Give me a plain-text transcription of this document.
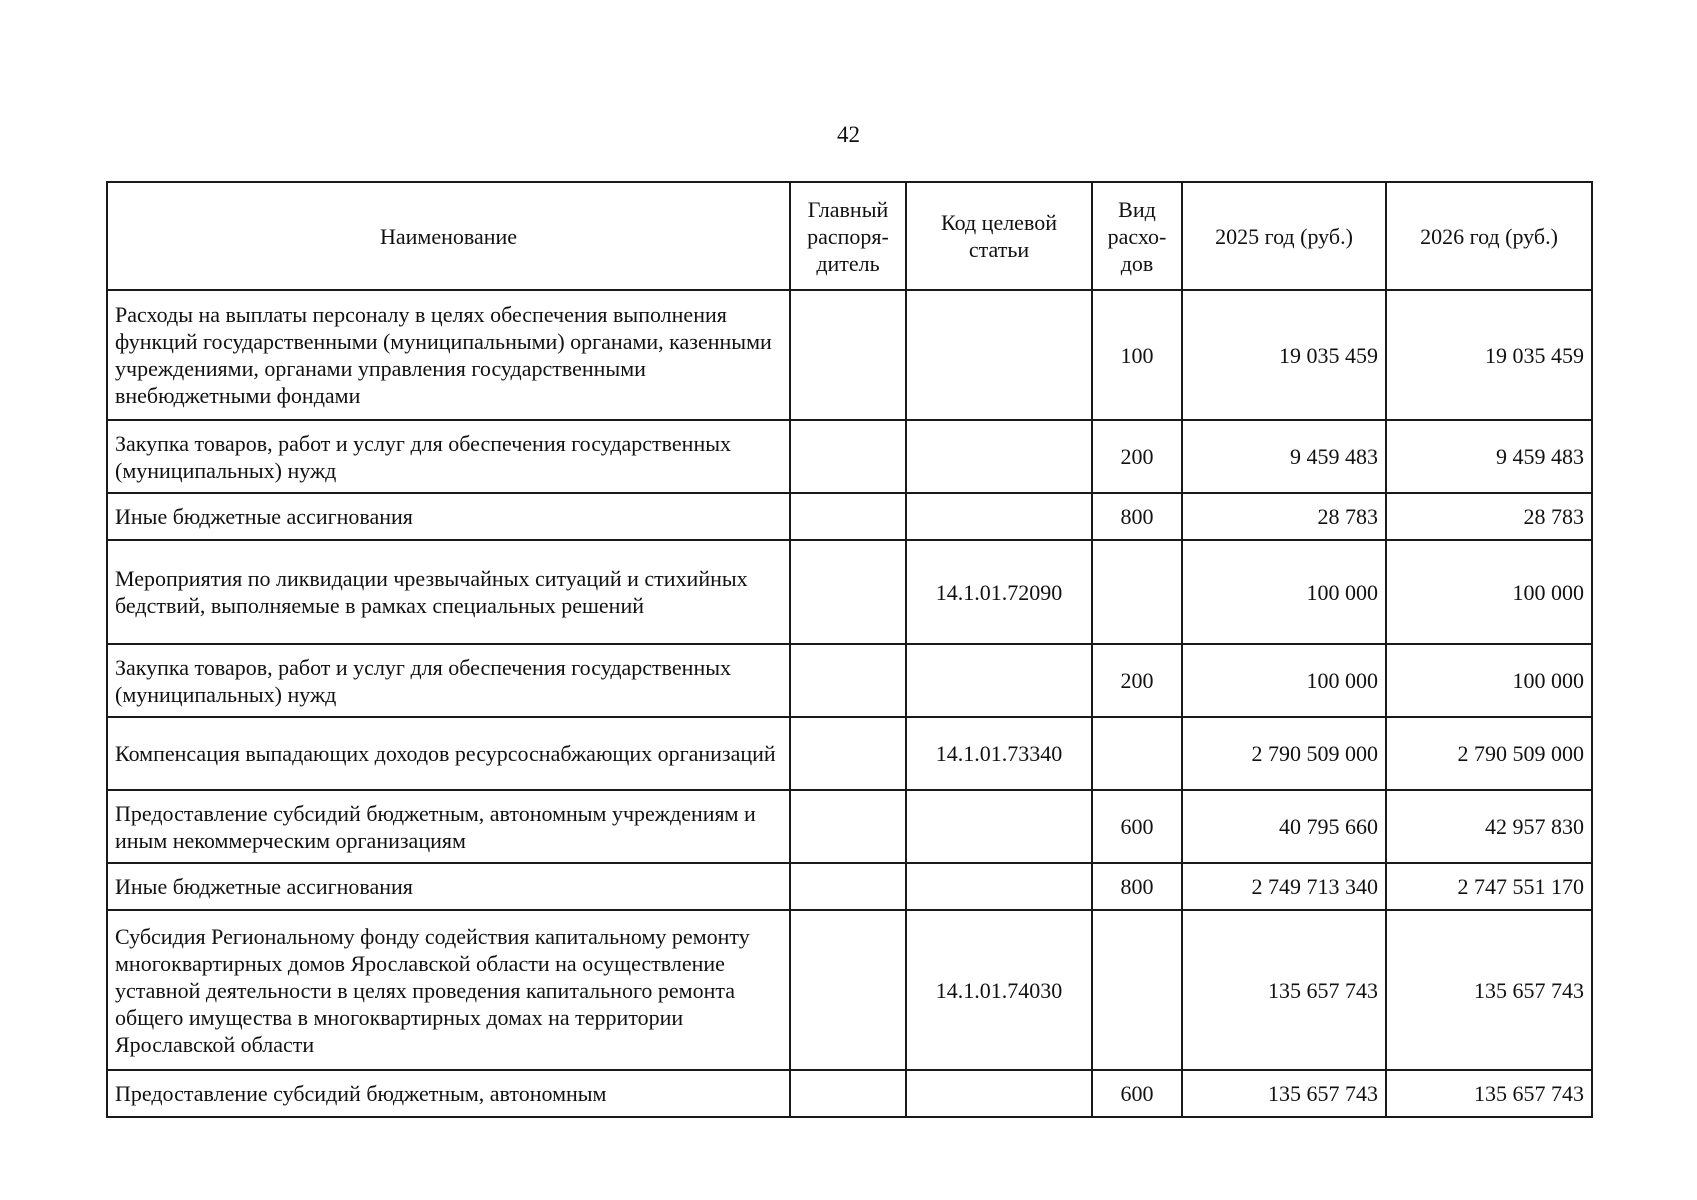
42
Наименование	Главный распоря-дитель	Код целевой статьи	Вид расхо-дов	2025 год (руб.)	2026 год (руб.)
Расходы на выплаты персоналу в целях обеспечения выполнения функций государственными (муниципальными) органами, казенными учреждениями, органами управления государственными внебюджетными фондами			100	19 035 459	19 035 459
Закупка товаров, работ и услуг для обеспечения государственных (муниципальных) нужд			200	9 459 483	9 459 483
Иные бюджетные ассигнования			800	28 783	28 783
Мероприятия по ликвидации чрезвычайных ситуаций и стихийных бедствий, выполняемые в рамках специальных решений		14.1.01.72090		100 000	100 000
Закупка товаров, работ и услуг для обеспечения государственных (муниципальных) нужд			200	100 000	100 000
Компенсация выпадающих доходов ресурсоснабжающих организаций		14.1.01.73340		2 790 509 000	2 790 509 000
Предоставление субсидий бюджетным, автономным учреждениям и иным некоммерческим организациям			600	40 795 660	42 957 830
Иные бюджетные ассигнования			800	2 749 713 340	2 747 551 170
Субсидия Региональному фонду содействия капитальному ремонту многоквартирных домов Ярославской области на осуществление уставной деятельности в целях проведения капитального ремонта общего имущества в многоквартирных домах на территории Ярославской области		14.1.01.74030		135 657 743	135 657 743
Предоставление субсидий бюджетным, автономным			600	135 657 743	135 657 743
